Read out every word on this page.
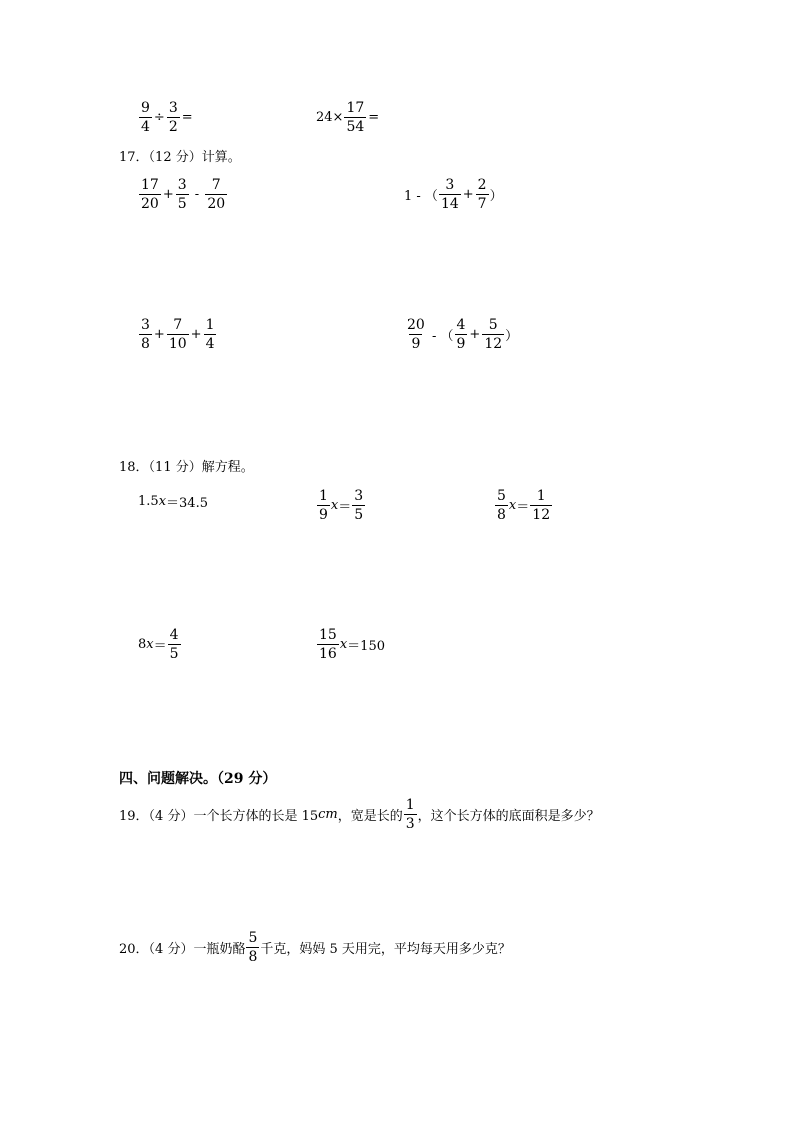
$\frac{9}{4} \div \frac{3}{2}$ =	$24\times \frac{17}{54}$ =
17．（12 分）计算。
$\frac{17}{20} + \frac{3}{5} - \frac{7}{20}$	1 - （ $\frac{3}{14} + \frac{2}{7}$ ）
$\frac{3}{8} + \frac{7}{10} + \frac{1}{4}$	$\frac{20}{9}$ - （ $\frac{4}{9} + \frac{5}{12}$ ）
18．（11 分）解方程。
1.5 x ＝34.5	$\frac{1}{9}$ $x = \frac{3}{5}$	$\frac{5}{8}$ $x = \frac{1}{12}$
8 $x = \frac{4}{5}$	$\frac{15}{16}$ x ＝150
四、问题解决。（29 分）
19．（4 分）一个长方体的长是 15 cm ，宽是长的 $\frac{1}{3}$ ，这个长方体的底面积是多少？
20．（4 分）一瓶奶酪 $\frac{5}{8}$ 千克，妈妈 5 天用完，平均每天用多少克？
